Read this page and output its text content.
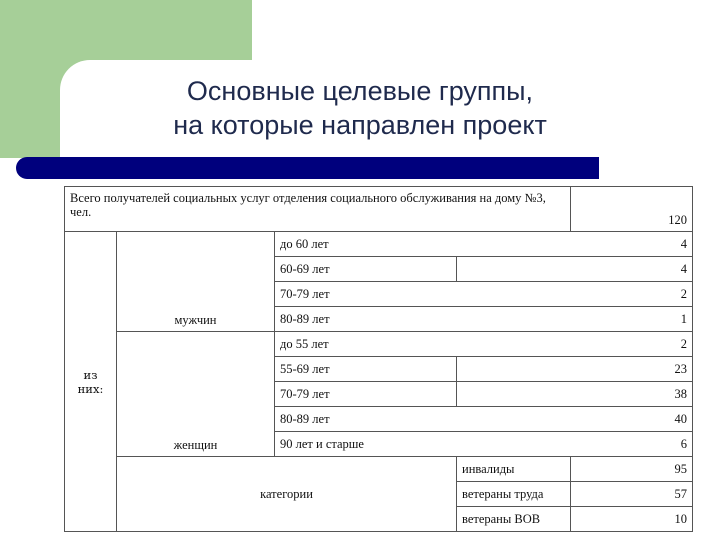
Основные целевые группы,
на которые направлен проект
Всего получателей социальных услуг отделения социального обслуживания на дому №3, чел.				120
из них:	мужчин	до 60 лет		4
		60-69 лет		4
		70-79 лет		2
		80-89 лет		1
	женщин	до 55 лет		2
		55-69 лет		23
		70-79 лет		38
		80-89 лет		40
		90 лет и старше		6
	категории		инвалиды	95
			ветераны труда	57
			ветераны ВОВ	10
